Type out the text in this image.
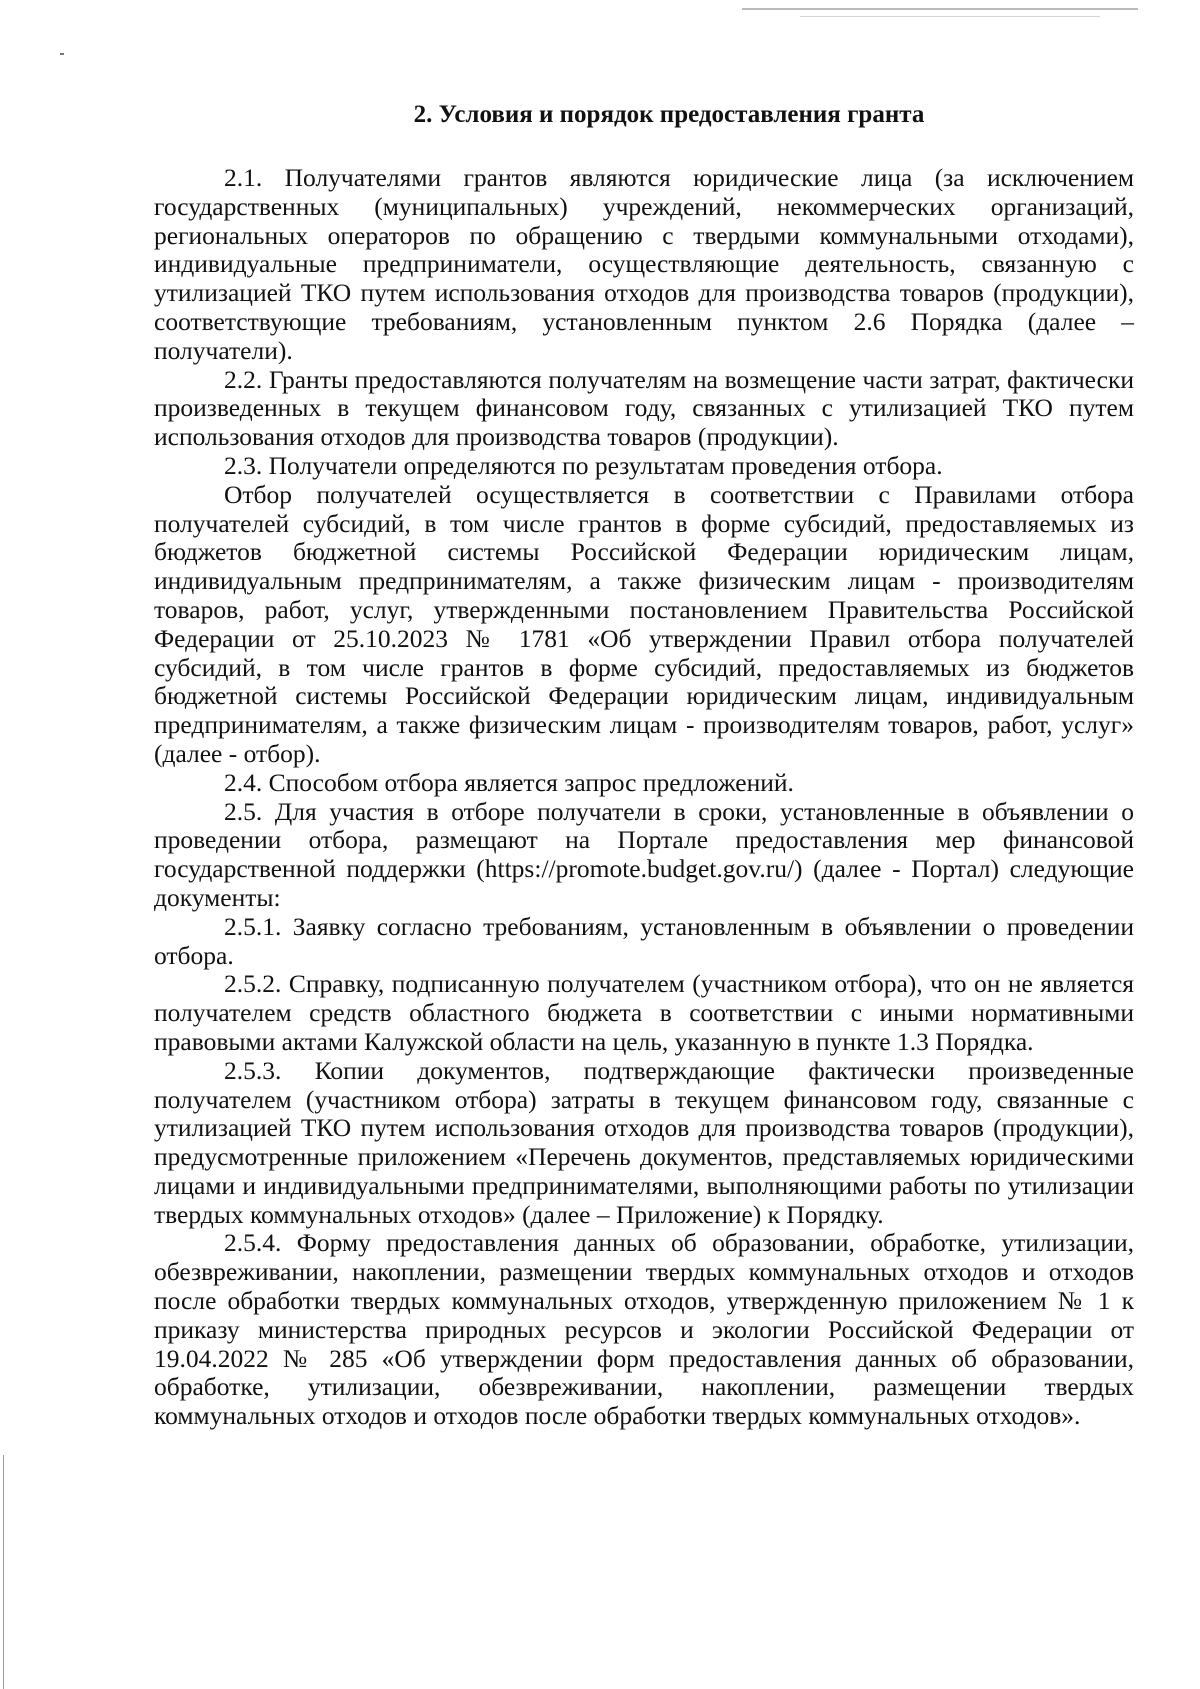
2. Условия и порядок предоставления гранта

2.1. Получателями грантов являются юридические лица (за исключением государственных (муниципальных) учреждений, некоммерческих организаций, региональных операторов по обращению с твердыми коммунальными отходами), индивидуальные предприниматели, осуществляющие деятельность, связанную с утилизацией ТКО путем использования отходов для производства товаров (продукции), соответствующие требованиям, установленным пунктом 2.6 Порядка (далее – получатели).

2.2. Гранты предоставляются получателям на возмещение части затрат, фактически произведенных в текущем финансовом году, связанных с утилизацией ТКО путем использования отходов для производства товаров (продукции).

2.3. Получатели определяются по результатам проведения отбора.

Отбор получателей осуществляется в соответствии с Правилами отбора получателей субсидий, в том числе грантов в форме субсидий, предоставляемых из бюджетов бюджетной системы Российской Федерации юридическим лицам, индивидуальным предпринимателям, а также физическим лицам - производителям товаров, работ, услуг, утвержденными постановлением Правительства Российской Федерации от 25.10.2023 № 1781 «Об утверждении Правил отбора получателей субсидий, в том числе грантов в форме субсидий, предоставляемых из бюджетов бюджетной системы Российской Федерации юридическим лицам, индивидуальным предпринимателям, а также физическим лицам - производителям товаров, работ, услуг» (далее - отбор).

2.4. Способом отбора является запрос предложений.

2.5. Для участия в отборе получатели в сроки, установленные в объявлении о проведении отбора, размещают на Портале предоставления мер финансовой государственной поддержки (https://promote.budget.gov.ru/) (далее - Портал) следующие документы:

2.5.1. Заявку согласно требованиям, установленным в объявлении о проведении отбора.

2.5.2. Справку, подписанную получателем (участником отбора), что он не является получателем средств областного бюджета в соответствии с иными нормативными правовыми актами Калужской области на цель, указанную в пункте 1.3 Порядка.

2.5.3. Копии документов, подтверждающие фактически произведенные получателем (участником отбора) затраты в текущем финансовом году, связанные с утилизацией ТКО путем использования отходов для производства товаров (продукции), предусмотренные приложением «Перечень документов, представляемых юридическими лицами и индивидуальными предпринимателями, выполняющими работы по утилизации твердых коммунальных отходов» (далее – Приложение) к Порядку.

2.5.4. Форму предоставления данных об образовании, обработке, утилизации, обезвреживании, накоплении, размещении твердых коммунальных отходов и отходов после обработки твердых коммунальных отходов, утвержденную приложением № 1 к приказу министерства природных ресурсов и экологии Российской Федерации от 19.04.2022 № 285 «Об утверждении форм предоставления данных об образовании, обработке, утилизации, обезвреживании, накоплении, размещении твердых коммунальных отходов и отходов после обработки твердых коммунальных отходов».
